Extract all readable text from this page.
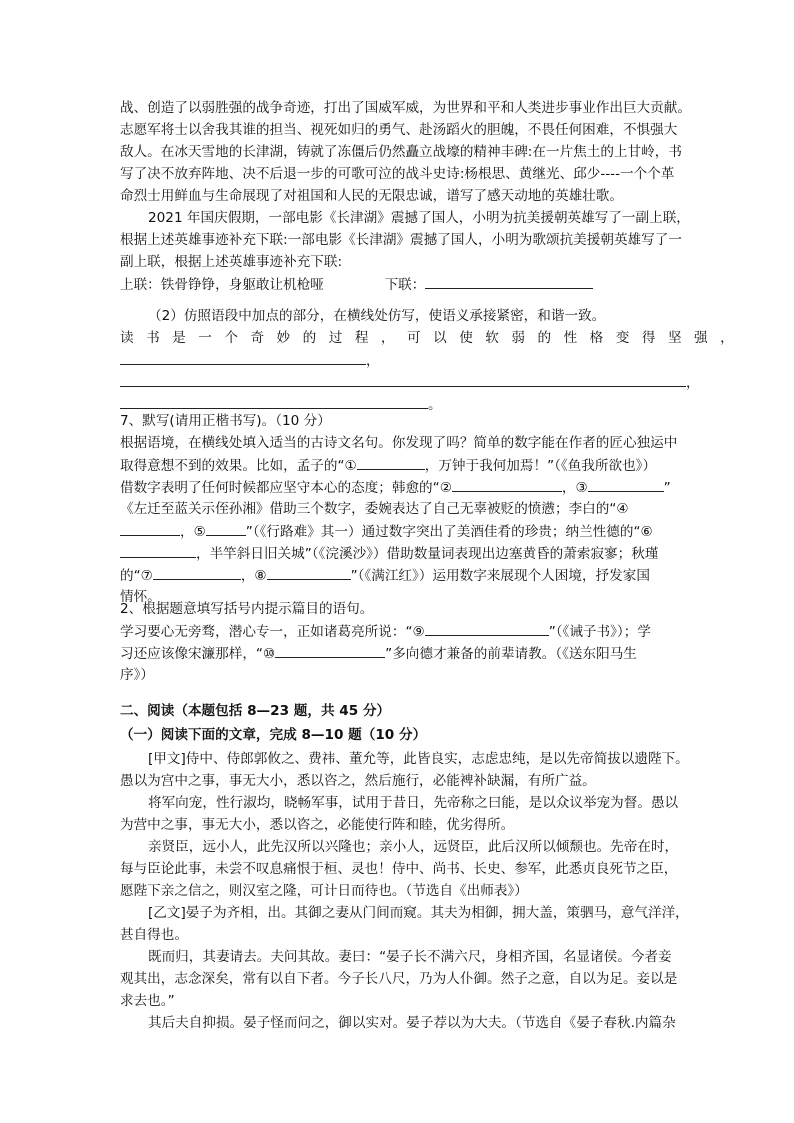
战、创造了以弱胜强的战争奇迹，打出了国威军威，为世界和平和人类进步事业作出巨大贡献。
志愿军将士以舍我其谁的担当、视死如归的勇气、赴汤蹈火的胆魄，不畏任何困难，不惧强大
敌人。在冰天雪地的长津湖，铸就了冻僵后仍然矗立战壕的精神丰碑:在一片焦土的上甘岭，书
写了决不放弃阵地、决不后退一步的可歌可泣的战斗史诗:杨根思、黄继光、邱少----一个个革
命烈士用鲜血与生命展现了对祖国和人民的无限忠诚，谱写了感天动地的英雄壮歌。
2021 年国庆假期，一部电影《长津湖》震撼了国人，小明为抗美援朝英雄写了一副上联，
根据上述英雄事迹补充下联:一部电影《长津湖》震撼了国人，小明为歌颂抗美援朝英雄写了一
副上联，根据上述英雄事迹补充下联:
上联：铁骨铮铮，身躯敢让机枪哑	下联：
（2）仿照语段中加点的部分，在横线处仿写，使语义承接紧密，和谐一致。
读书是一个奇妙的过程，可以使软弱的性格变得坚强，
，
，
。
7、默写(请用正楷书写)。（10 分）
根据语境，在横线处填入适当的古诗文名句。你发现了吗？简单的数字能在作者的匠心独运中
取得意想不到的效果。比如，孟子的“①	，万钟于我何加焉！”（《鱼我所欲也》）
借数字表明了任何时候都应坚守本心的态度；韩愈的“②	，③	”
《左迁至蓝关示侄孙湘》借助三个数字，委婉表达了自己无辜被贬的愤懑；李白的“④
，⑤	”（《行路难》其一）通过数字突出了美酒佳肴的珍贵；纳兰性德的“⑥
，半竿斜日旧关城”（《浣溪沙》）借助数量词表现出边塞黄昏的萧索寂寥；秋瑾
的“⑦	，⑧	”（《满江红》）运用数字来展现个人困境，抒发家国
情怀。
2、根据题意填写括号内提示篇目的语句。
学习要心无旁骛，潜心专一，正如诸葛亮所说：“⑨	”（《诫子书》）；学
习还应该像宋濂那样，“⑩	”多向德才兼备的前辈请教。（《送东阳马生
序》）
二、阅读（本题包括 8—23 题，共 45 分）
（一）阅读下面的文章，完成 8—10 题（10 分）
[甲文]侍中、侍郎郭攸之、费祎、董允等，此皆良实，志虑忠纯，是以先帝简拔以遗陛下。
愚以为宫中之事，事无大小，悉以咨之，然后施行，必能裨补缺漏，有所广益。
将军向宠，性行淑均，晓畅军事，试用于昔日，先帝称之曰能，是以众议举宠为督。愚以
为营中之事，事无大小，悉以咨之，必能使行阵和睦，优劣得所。
亲贤臣，远小人，此先汉所以兴隆也；亲小人，远贤臣，此后汉所以倾颓也。先帝在时，
每与臣论此事，未尝不叹息痛恨于桓、灵也！侍中、尚书、长史、参军，此悉贞良死节之臣，
愿陛下亲之信之，则汉室之隆，可计日而待也。（节选自《出师表》）
[乙文]晏子为齐相，出。其御之妻从门间而窥。其夫为相御，拥大盖，策驷马，意气洋洋，
甚自得也。
既而归，其妻请去。夫问其故。妻曰：“晏子长不满六尺，身相齐国，名显诸侯。今者妾
观其出，志念深矣，常有以自下者。今子长八尺，乃为人仆御。然子之意，自以为足。妾以是
求去也。”
其后夫自抑损。晏子怪而问之，御以实对。晏子荐以为大夫。（节选自《晏子春秋.内篇杂
